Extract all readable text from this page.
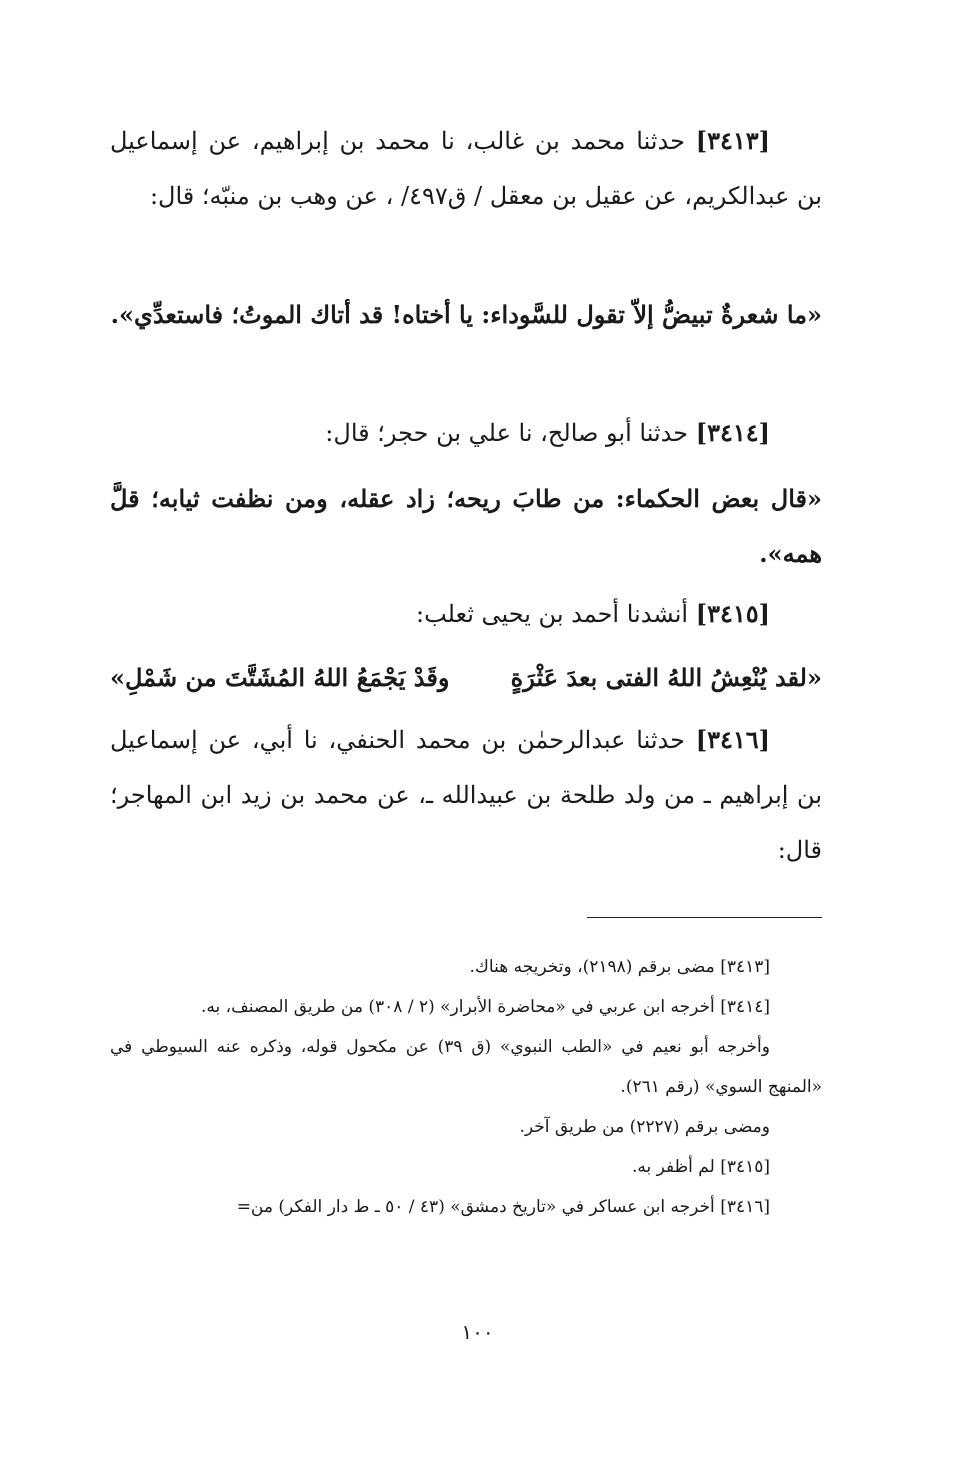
[٣٤١٣] حدثنا محمد بن غالب، نا محمد بن إبراهيم، عن إسماعيل بن عبدالكريم، عن عقيل بن معقل / ق٤٩٧/ ، عن وهب بن منبّه؛ قال:

«ما شعرةٌ تبيضُّ إلاّ تقول للسَّوداء: يا أختاه! قد أتاك الموتُ؛ فاستعدِّي».

[٣٤١٤] حدثنا أبو صالح، نا علي بن حجر؛ قال:

«قال بعض الحكماء: من طابَ ريحه؛ زاد عقله، ومن نظفت ثيابه؛ قلَّ همه».

[٣٤١٥] أنشدنا أحمد بن يحيى ثعلب:

«لقد يُنْعِشُ اللهُ الفتى بعدَ عَثْرَةٍ
وقَدْ يَجْمَعُ اللهُ المُشَتَّتَ من شَمْلِ»

[٣٤١٦] حدثنا عبدالرحمٰن بن محمد الحنفي، نا أبي، عن إسماعيل بن إبراهيم ـ من ولد طلحة بن عبيدالله ـ، عن محمد بن زيد ابن المهاجر؛ قال:

[٣٤١٣] مضى برقم (٢١٩٨)، وتخريجه هناك.

[٣٤١٤] أخرجه ابن عربي في «محاضرة الأبرار» (٢ / ٣٠٨) من طريق المصنف، به.

وأخرجه أبو نعيم في «الطب النبوي» (ق ٣٩) عن مكحول قوله، وذكره عنه السيوطي في «المنهج السوي» (رقم ٢٦١).

ومضى برقم (٢٢٢٧) من طريق آخر.

[٣٤١٥] لم أظفر به.

[٣٤١٦] أخرجه ابن عساكر في «تاريخ دمشق» (٤٣ / ٥٠ ـ ط دار الفكر) من=

١٠٠
